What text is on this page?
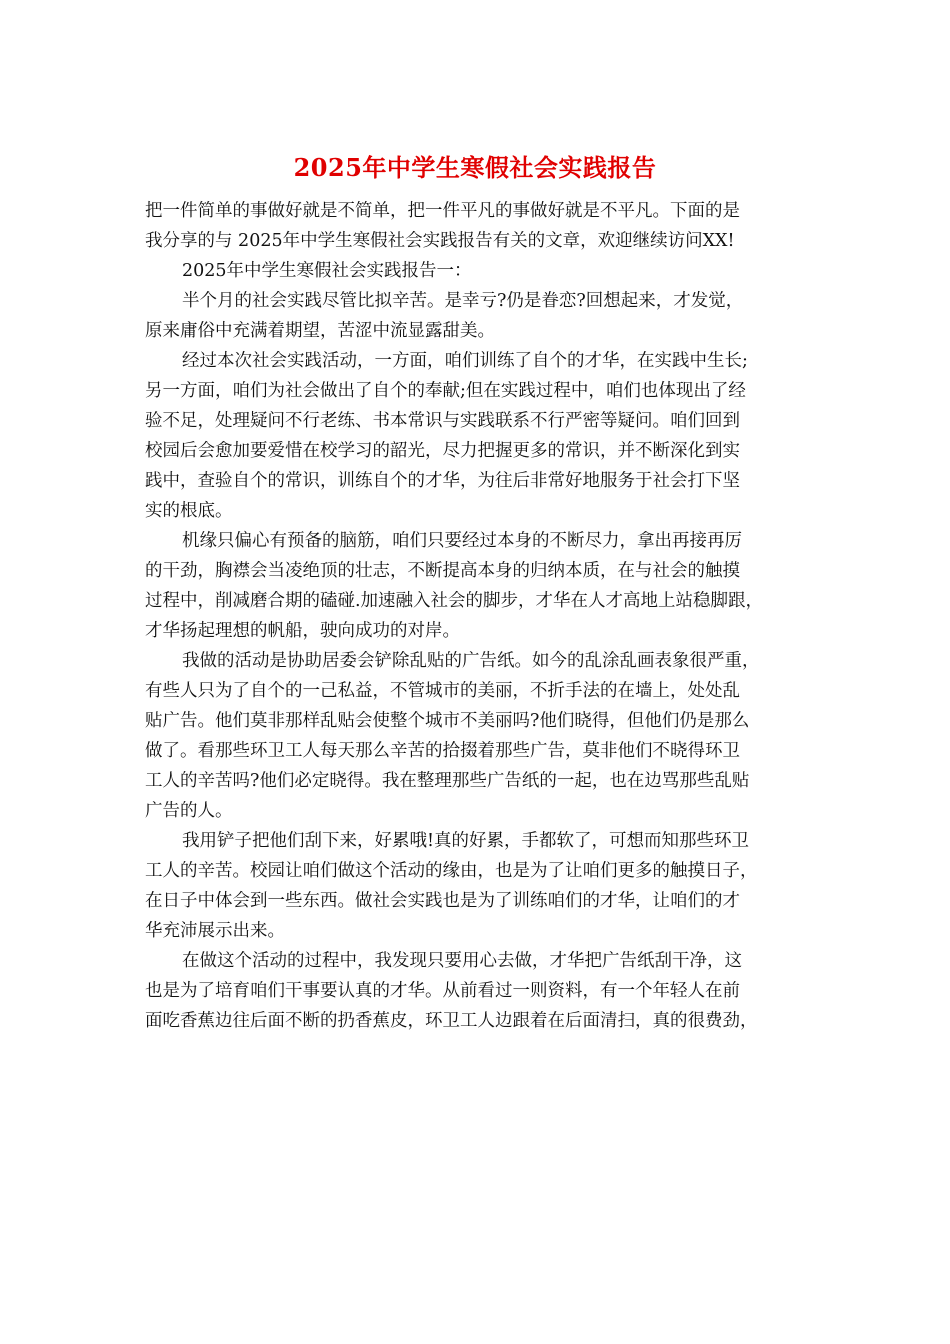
2025年中学生寒假社会实践报告
把一件简单的事做好就是不简单，把一件平凡的事做好就是不平凡。下面的是
我分享的与 2025年中学生寒假社会实践报告有关的文章，欢迎继续访问XX!
2025年中学生寒假社会实践报告一：
半个月的社会实践尽管比拟辛苦。是幸亏?仍是眷恋?回想起来，才发觉，
原来庸俗中充满着期望，苦涩中流显露甜美。
经过本次社会实践活动，一方面，咱们训练了自个的才华，在实践中生长;
另一方面，咱们为社会做出了自个的奉献;但在实践过程中，咱们也体现出了经
验不足，处理疑问不行老练、书本常识与实践联系不行严密等疑问。咱们回到
校园后会愈加要爱惜在校学习的韶光，尽力把握更多的常识，并不断深化到实
践中，查验自个的常识，训练自个的才华，为往后非常好地服务于社会打下坚
实的根底。
机缘只偏心有预备的脑筋，咱们只要经过本身的不断尽力，拿出再接再厉
的干劲，胸襟会当凌绝顶的壮志，不断提高本身的归纳本质，在与社会的触摸
过程中，削减磨合期的磕碰.加速融入社会的脚步，才华在人才高地上站稳脚跟，
才华扬起理想的帆船，驶向成功的对岸。
我做的活动是协助居委会铲除乱贴的广告纸。如今的乱涂乱画表象很严重，
有些人只为了自个的一己私益，不管城市的美丽，不折手法的在墙上，处处乱
贴广告。他们莫非那样乱贴会使整个城市不美丽吗?他们晓得，但他们仍是那么
做了。看那些环卫工人每天那么辛苦的拾掇着那些广告，莫非他们不晓得环卫
工人的辛苦吗?他们必定晓得。我在整理那些广告纸的一起，也在边骂那些乱贴
广告的人。
我用铲子把他们刮下来，好累哦!真的好累，手都软了，可想而知那些环卫
工人的辛苦。校园让咱们做这个活动的缘由，也是为了让咱们更多的触摸日子，
在日子中体会到一些东西。做社会实践也是为了训练咱们的才华，让咱们的才
华充沛展示出来。
在做这个活动的过程中，我发现只要用心去做，才华把广告纸刮干净，这
也是为了培育咱们干事要认真的才华。从前看过一则资料，有一个年轻人在前
面吃香蕉边往后面不断的扔香蕉皮，环卫工人边跟着在后面清扫，真的很费劲，
